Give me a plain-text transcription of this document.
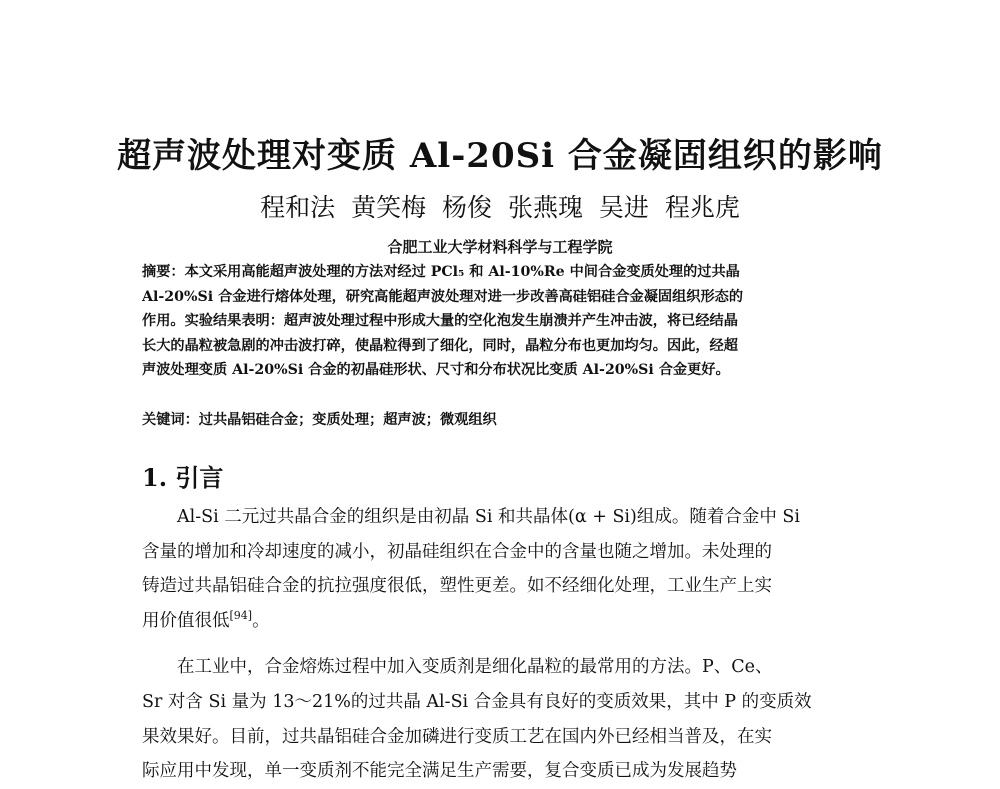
超声波处理对变质 Al-20Si 合金凝固组织的影响
程和法 黄笑梅 杨俊 张燕瑰 吴进 程兆虎
合肥工业大学材料科学与工程学院
摘要：本文采用高能超声波处理的方法对经过 PCl₅ 和 Al-10%Re 中间合金变质处理的过共晶
Al-20%Si 合金进行熔体处理，研究高能超声波处理对进一步改善高硅铝硅合金凝固组织形态的
作用。实验结果表明：超声波处理过程中形成大量的空化泡发生崩溃并产生冲击波，将已经结晶
长大的晶粒被急剧的冲击波打碎，使晶粒得到了细化，同时，晶粒分布也更加均匀。因此，经超
声波处理变质 Al-20%Si 合金的初晶硅形状、尺寸和分布状况比变质 Al-20%Si 合金更好。
关键词：过共晶铝硅合金；变质处理；超声波；微观组织
1. 引言
Al-Si 二元过共晶合金的组织是由初晶 Si 和共晶体(α + Si)组成。随着合金中 Si
含量的增加和冷却速度的减小，初晶硅组织在合金中的含量也随之增加。未处理的
铸造过共晶铝硅合金的抗拉强度很低，塑性更差。如不经细化处理，工业生产上实
用价值很低[94]。
在工业中，合金熔炼过程中加入变质剂是细化晶粒的最常用的方法。P、Ce、
Sr 对含 Si 量为 13～21%的过共晶 Al-Si 合金具有良好的变质效果，其中 P 的变质效
果效果好。目前，过共晶铝硅合金加磷进行变质工艺在国内外已经相当普及，在实
际应用中发现，单一变质剂不能完全满足生产需要，复合变质已成为发展趋势
